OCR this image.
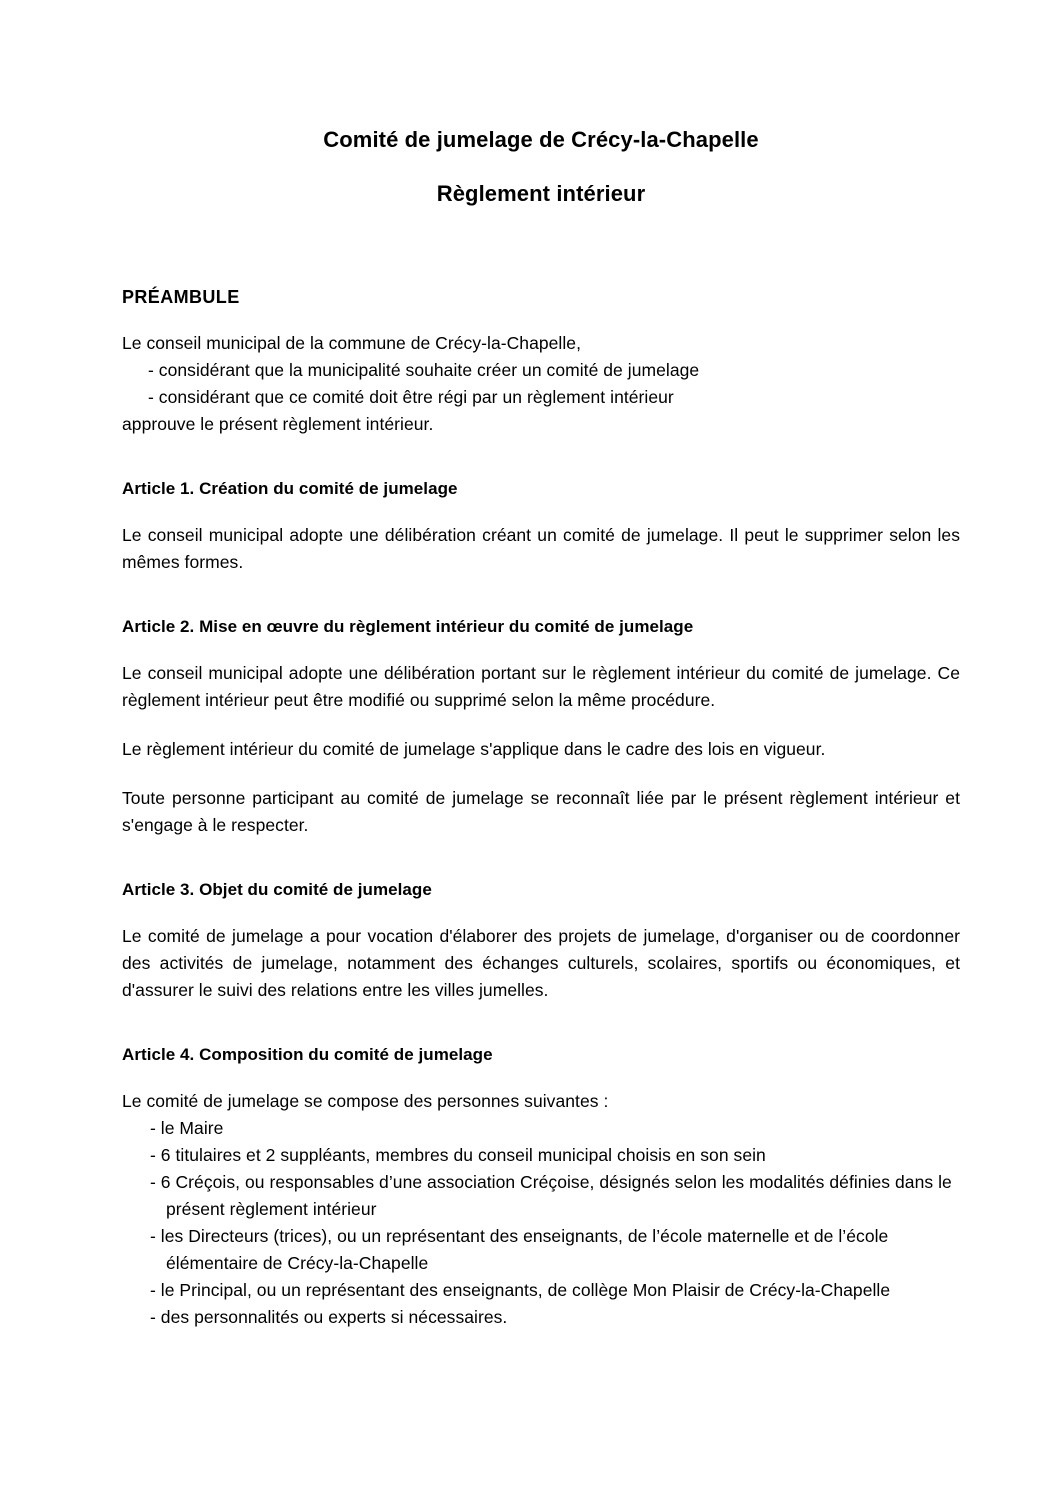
Comité de jumelage de Crécy-la-Chapelle
Règlement intérieur
PRÉAMBULE

Le conseil municipal de la commune de Crécy-la-Chapelle,

- considérant que la municipalité souhaite créer un comité de jumelage
- considérant que ce comité doit être régi par un règlement intérieur

approuve le présent règlement intérieur.

Article 1. Création du comité de jumelage

Le conseil municipal adopte une délibération créant un comité de jumelage. Il peut le supprimer selon les mêmes formes.

Article 2. Mise en œuvre du règlement intérieur du comité de jumelage

Le conseil municipal adopte une délibération portant sur le règlement intérieur du comité de jumelage. Ce règlement intérieur peut être modifié ou supprimé selon la même procédure.

Le règlement intérieur du comité de jumelage s'applique dans le cadre des lois en vigueur.

Toute personne participant au comité de jumelage se reconnaît liée par le présent règlement intérieur et s'engage à le respecter.

Article 3. Objet du comité de jumelage

Le comité de jumelage a pour vocation d'élaborer des projets de jumelage, d'organiser ou de coordonner des activités de jumelage, notamment des échanges culturels, scolaires, sportifs ou économiques, et d'assurer le suivi des relations entre les villes jumelles.

Article 4. Composition du comité de jumelage

Le comité de jumelage se compose des personnes suivantes :

- le Maire
- 6 titulaires et 2 suppléants, membres du conseil municipal choisis en son sein
- 6 Créçois, ou responsables d’une association Créçoise, désignés selon les modalités définies dans le présent règlement intérieur
- les Directeurs (trices), ou un représentant des enseignants, de l’école maternelle et de l’école élémentaire de Crécy-la-Chapelle
- le Principal, ou un représentant des enseignants, de collège Mon Plaisir de Crécy-la-Chapelle
- des personnalités ou experts si nécessaires.
